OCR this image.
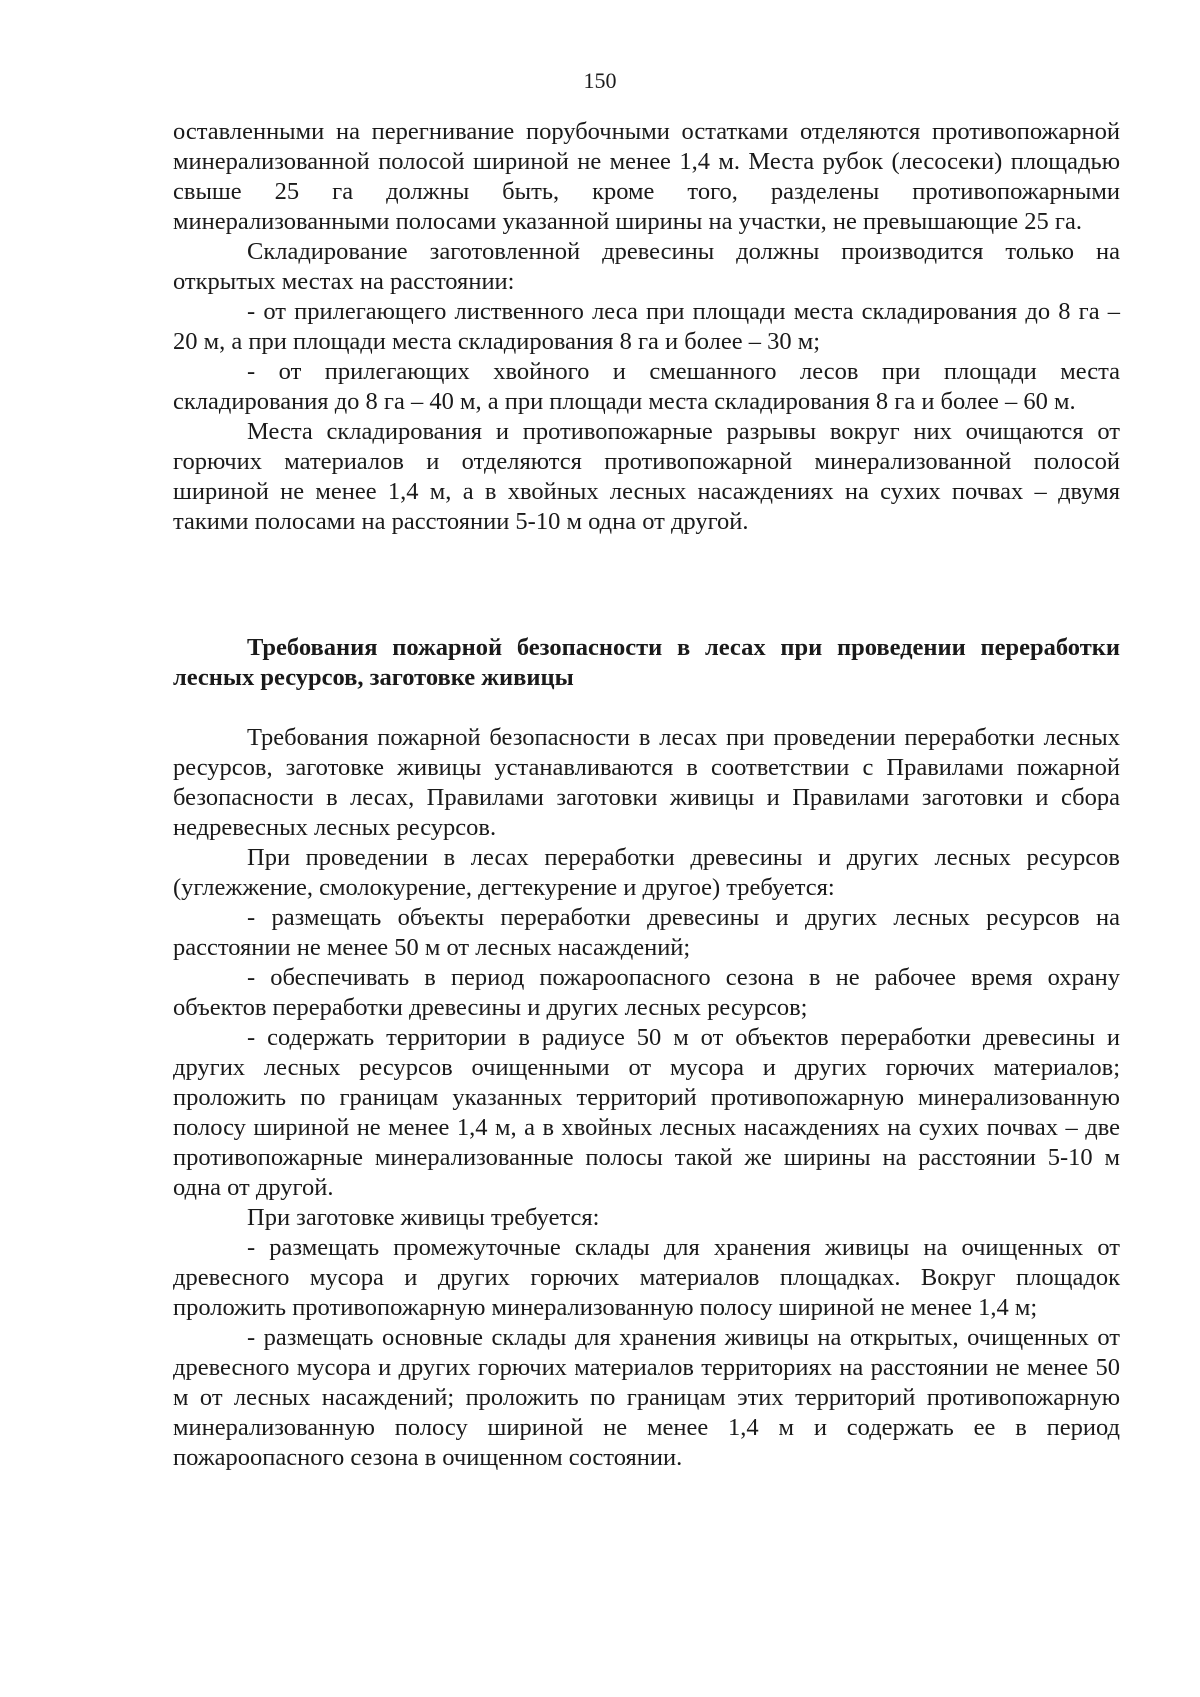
150

оставленными на перегнивание порубочными остатками отделяются противопожарной минерализованной полосой шириной не менее 1,4 м. Места рубок (лесосеки) площадью свыше 25 га должны быть, кроме того, разделены противопожарными минерализованными полосами указанной ширины на участки, не превышающие 25 га.

Складирование заготовленной древесины должны производится только на открытых местах на расстоянии:

- от прилегающего лиственного леса при площади места складирования до 8 га – 20 м, а при площади места складирования 8 га и более – 30 м;

- от прилегающих хвойного и смешанного лесов при площади места складирования до 8 га – 40 м, а при площади места складирования 8 га и более – 60 м.

Места складирования и противопожарные разрывы вокруг них очищаются от горючих материалов и отделяются противопожарной минерализованной полосой шириной не менее 1,4 м, а в хвойных лесных насаждениях на сухих почвах – двумя такими полосами на расстоянии 5-10 м одна от другой.

Требования пожарной безопасности в лесах при проведении переработки лесных ресурсов, заготовке живицы

Требования пожарной безопасности в лесах при проведении переработки лесных ресурсов, заготовке живицы устанавливаются в соответствии с Правилами пожарной безопасности в лесах, Правилами заготовки живицы и Правилами заготовки и сбора недревесных лесных ресурсов.

При проведении в лесах переработки древесины и других лесных ресурсов (углежжение, смолокурение, дегтекурение и другое) требуется:

- размещать объекты переработки древесины и других лесных ресурсов на расстоянии не менее 50 м от лесных насаждений;

- обеспечивать в период пожароопасного сезона в не рабочее время охрану объектов переработки древесины и других лесных ресурсов;

- содержать территории в радиусе 50 м от объектов переработки древесины и других лесных ресурсов очищенными от мусора и других горючих материалов; проложить по границам указанных территорий противопожарную минерализованную полосу шириной не менее 1,4 м, а в хвойных лесных насаждениях на сухих почвах – две противопожарные минерализованные полосы такой же ширины на расстоянии 5-10 м одна от другой.

При заготовке живицы требуется:

- размещать промежуточные склады для хранения живицы на очищенных от древесного мусора и других горючих материалов площадках. Вокруг площадок проложить противопожарную минерализованную полосу шириной не менее 1,4 м;

- размещать основные склады для хранения живицы на открытых, очищенных от древесного мусора и других горючих материалов территориях на расстоянии не менее 50 м от лесных насаждений; проложить по границам этих территорий противопожарную минерализованную полосу шириной не менее 1,4 м и содержать ее в период пожароопасного сезона в очищенном состоянии.
